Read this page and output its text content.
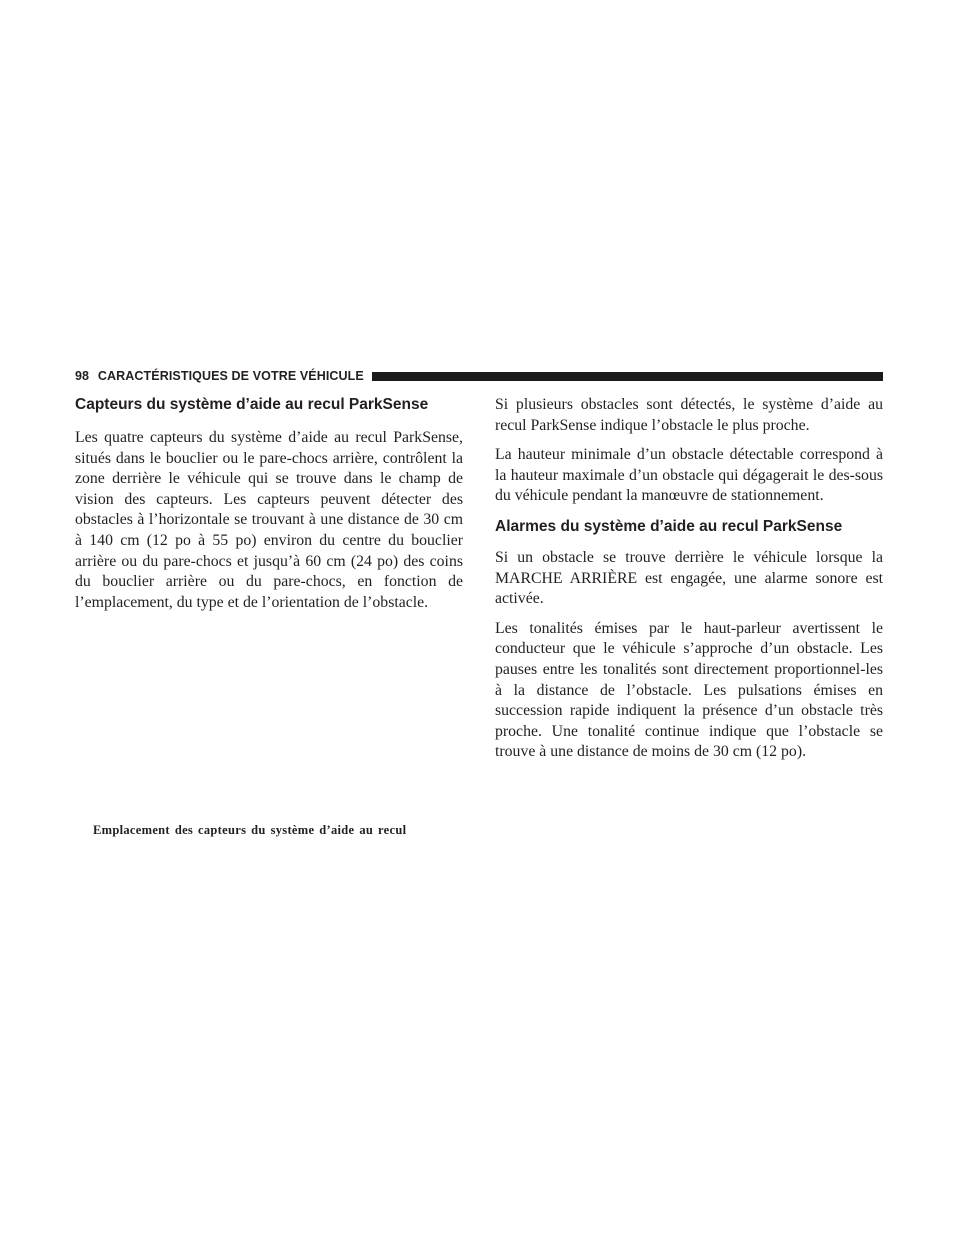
98 CARACTÉRISTIQUES DE VOTRE VÉHICULE
Capteurs du système d’aide au recul ParkSense

Les quatre capteurs du système d’aide au recul ParkSense, situés dans le bouclier ou le pare-chocs arrière, contrôlent la zone derrière le véhicule qui se trouve dans le champ de vision des capteurs. Les capteurs peuvent détecter des obstacles à l’horizontale se trouvant à une distance de 30 cm à 140 cm (12 po à 55 po) environ du centre du bouclier arrière ou du pare-chocs et jusqu’à 60 cm (24 po) des coins du bouclier arrière ou du pare-chocs, en fonction de l’emplacement, du type et de l’orientation de l’obstacle.

Si plusieurs obstacles sont détectés, le système d’aide au recul ParkSense indique l’obstacle le plus proche.

La hauteur minimale d’un obstacle détectable correspond à la hauteur maximale d’un obstacle qui dégagerait le des-sous du véhicule pendant la manœuvre de stationnement.

Alarmes du système d’aide au recul ParkSense

Si un obstacle se trouve derrière le véhicule lorsque la MARCHE ARRIÈRE est engagée, une alarme sonore est activée.

Les tonalités émises par le haut-parleur avertissent le conducteur que le véhicule s’approche d’un obstacle. Les pauses entre les tonalités sont directement proportionnel-les à la distance de l’obstacle. Les pulsations émises en succession rapide indiquent la présence d’un obstacle très proche. Une tonalité continue indique que l’obstacle se trouve à une distance de moins de 30 cm (12 po).

Emplacement des capteurs du système d’aide au recul
